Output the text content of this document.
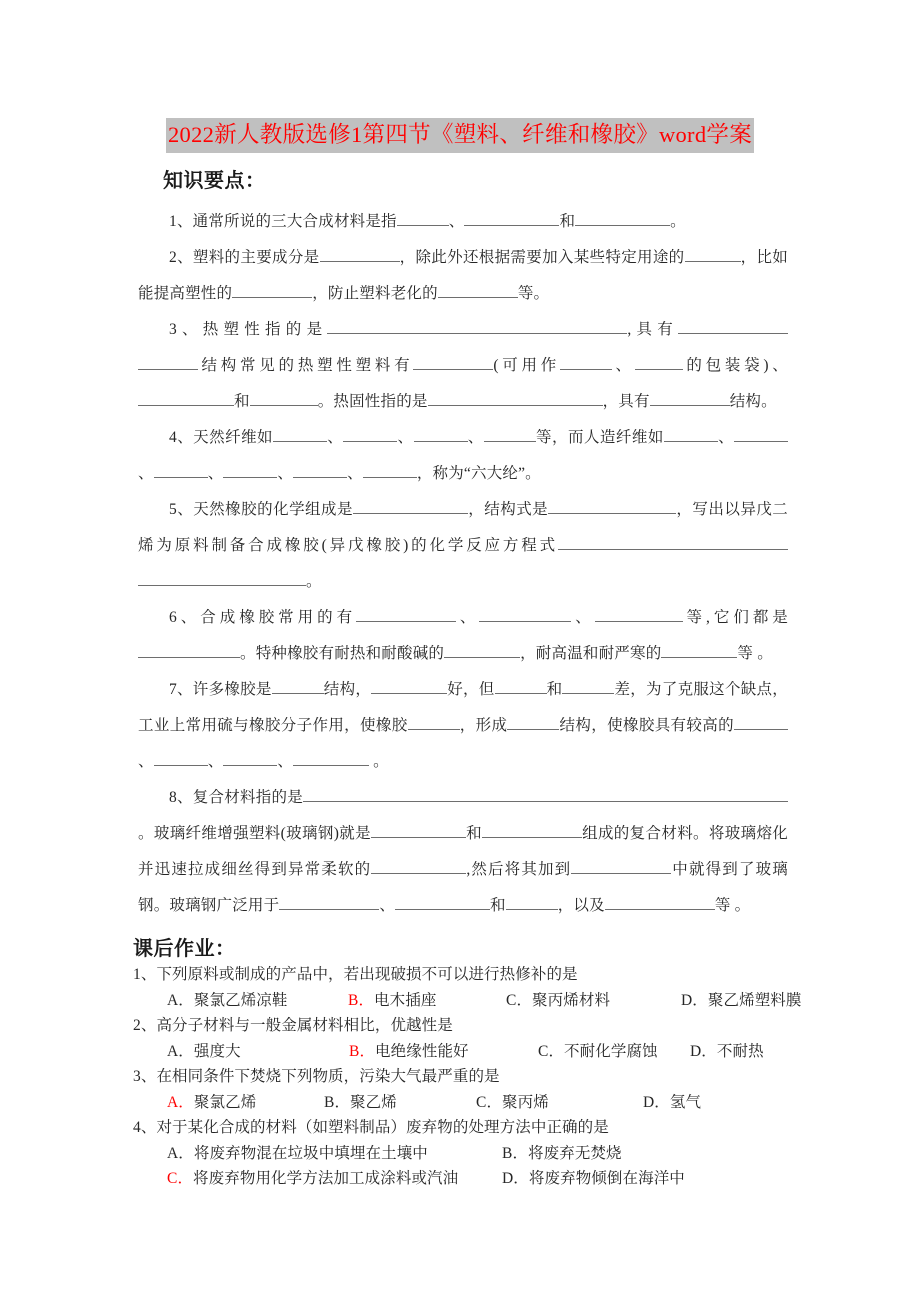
2022新人教版选修1第四节《塑料、纤维和橡胶》word学案
知识要点：

1、通常所说的三大合成材料是指	、	和	。

2、塑料的主要成分是	，除此外还根据需要加入某些特定用途的	，比如能提高塑性的	，防止塑料老化的	等。

3、热塑性指的是	,具有结构常见的热塑性塑料有	(可用作	、	的包装袋)、和	。热固性指的是	，具有	结构。

4、天然纤维如	、	、	、	等，而人造纤维如	、、	、	、	、	，称为“六大纶”。

5、天然橡胶的化学组成是	，结构式是	，写出以异戊二烯为原料制备合成橡胶(异戊橡胶)的化学反应方程式。

6、合成橡胶常用的有	、	、	等,它们都是。特种橡胶有耐热和耐酸碱的	，耐高温和耐严寒的	等 。

7、许多橡胶是	结构，	好，但	和	差，为了克服这个缺点，工业上常用硫与橡胶分子作用，使橡胶	，形成	结构，使橡胶具有较高的、	、	、	。

8、复合材料指的是。玻璃纤维增强塑料(玻璃钢)就是	和	组成的复合材料。将玻璃熔化并迅速拉成细丝得到异常柔软的	,然后将其加到	中就得到了玻璃钢。玻璃钢广泛用于	、	和	，以及	等 。

课后作业：

1、下列原料或制成的产品中，若出现破损不可以进行热修补的是

A．聚氯乙烯凉鞋	B．电木插座	C．聚丙烯材料	D．聚乙烯塑料膜

2、高分子材料与一般金属材料相比，优越性是

A．强度大	B．电绝缘性能好	C．不耐化学腐蚀 D．不耐热

3、在相同条件下焚烧下列物质，污染大气最严重的是

A．聚氯乙烯	B．聚乙烯	C．聚丙烯	D．氢气

4、对于某化合成的材料（如塑料制品）废弃物的处理方法中正确的是

A．将废弃物混在垃圾中填埋在土壤中	B．将废弃无焚烧

C．将废弃物用化学方法加工成涂料或汽油	D．将废弃物倾倒在海洋中
